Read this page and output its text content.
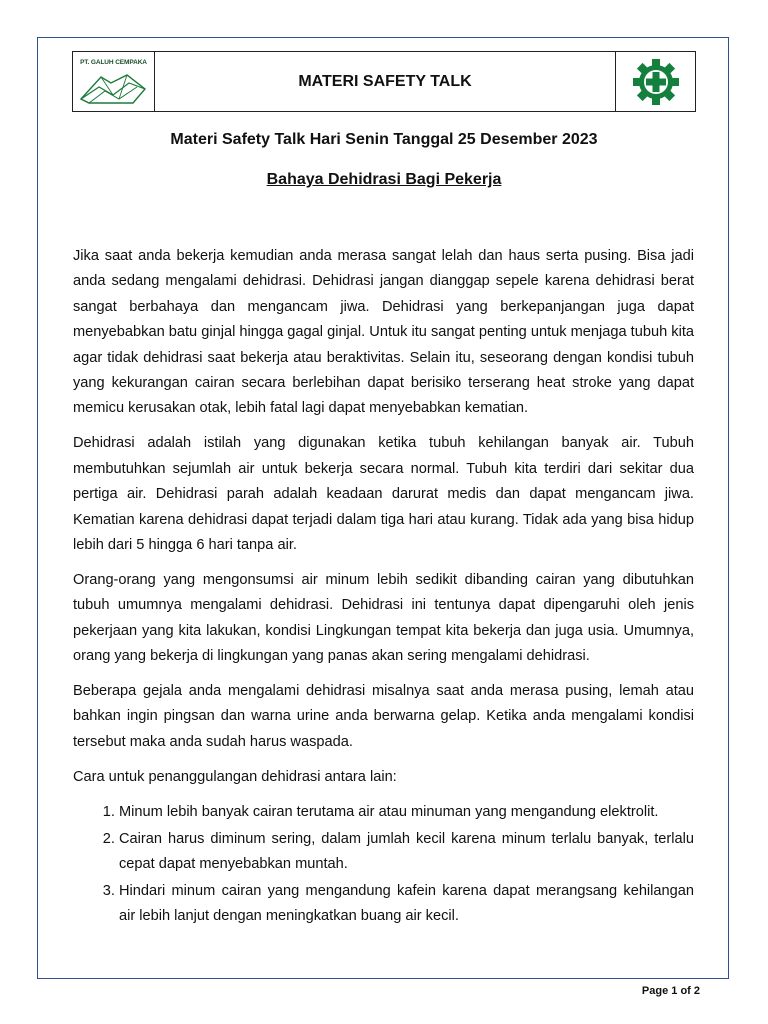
PT. GALUH CEMPAKA
MATERI SAFETY TALK
Materi Safety Talk Hari Senin Tanggal 25 Desember 2023
Bahaya Dehidrasi Bagi Pekerja

Jika saat anda bekerja kemudian anda merasa sangat lelah dan haus serta pusing. Bisa jadi anda sedang mengalami dehidrasi. Dehidrasi jangan dianggap sepele karena dehidrasi berat sangat berbahaya dan mengancam jiwa. Dehidrasi yang berkepanjangan juga dapat menyebabkan batu ginjal hingga gagal ginjal. Untuk itu sangat penting untuk menjaga tubuh kita agar tidak dehidrasi saat bekerja atau beraktivitas. Selain itu, seseorang dengan kondisi tubuh yang kekurangan cairan secara berlebihan dapat berisiko terserang heat stroke yang dapat memicu kerusakan otak, lebih fatal lagi dapat menyebabkan kematian.

Dehidrasi adalah istilah yang digunakan ketika tubuh kehilangan banyak air. Tubuh membutuhkan sejumlah air untuk bekerja secara normal. Tubuh kita terdiri dari sekitar dua pertiga air. Dehidrasi parah adalah keadaan darurat medis dan dapat mengancam jiwa. Kematian karena dehidrasi dapat terjadi dalam tiga hari atau kurang. Tidak ada yang bisa hidup lebih dari 5 hingga 6 hari tanpa air.

Orang-orang yang mengonsumsi air minum lebih sedikit dibanding cairan yang dibutuhkan tubuh umumnya mengalami dehidrasi. Dehidrasi ini tentunya dapat dipengaruhi oleh jenis pekerjaan yang kita lakukan, kondisi Lingkungan tempat kita bekerja dan juga usia. Umumnya, orang yang bekerja di lingkungan yang panas akan sering mengalami dehidrasi.

Beberapa gejala anda mengalami dehidrasi misalnya saat anda merasa pusing, lemah atau bahkan ingin pingsan dan warna urine anda berwarna gelap. Ketika anda mengalami kondisi tersebut maka anda sudah harus waspada.

Cara untuk penanggulangan dehidrasi antara lain:

1. Minum lebih banyak cairan terutama air atau minuman yang mengandung elektrolit.
2. Cairan harus diminum sering, dalam jumlah kecil karena minum terlalu banyak, terlalu cepat dapat menyebabkan muntah.
3. Hindari minum cairan yang mengandung kafein karena dapat merangsang kehilangan air lebih lanjut dengan meningkatkan buang air kecil.
Page 1 of 2
